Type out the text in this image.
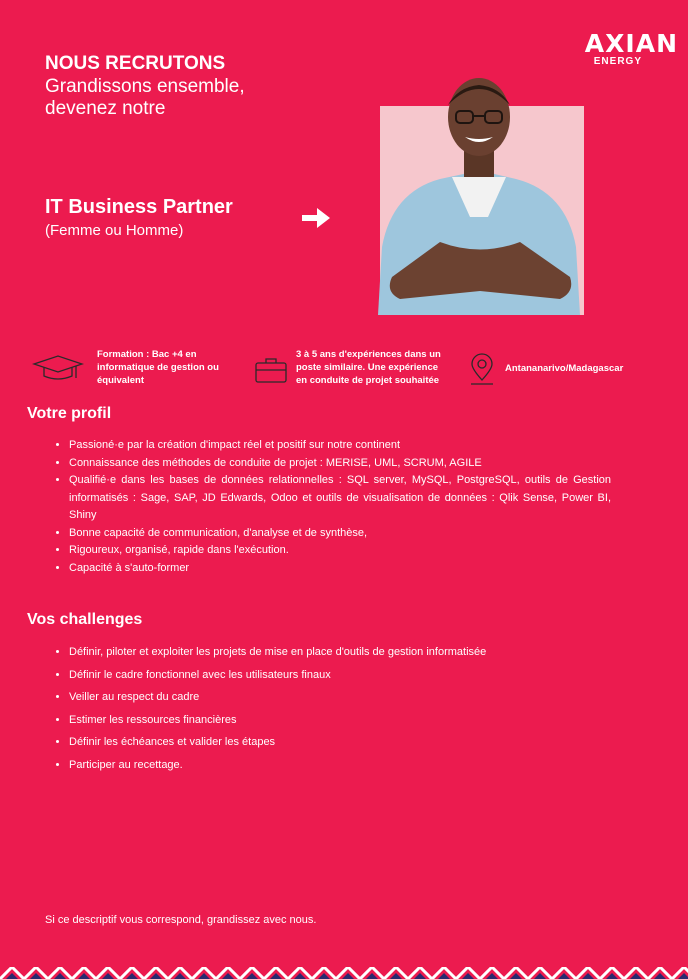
AXIAN
ENERGY
NOUS RECRUTONS
Grandissons ensemble, devenez notre
IT Business Partner
(Femme ou Homme)
Formation : Bac +4 en informatique de gestion ou équivalent
3 à 5 ans d'expériences dans un poste similaire. Une expérience en conduite de projet souhaitée
Antananarivo/Madagascar
Votre profil
• Passioné·e par la création d'impact réel et positif sur notre continent
• Connaissance des méthodes de conduite de projet : MERISE, UML, SCRUM, AGILE
• Qualifié·e dans les bases de données relationnelles : SQL server, MySQL, PostgreSQL, outils de Gestion informatisés : Sage, SAP, JD Edwards, Odoo et outils de visualisation de données : Qlik Sense, Power BI, Shiny
• Bonne capacité de communication, d'analyse et de synthèse,
• Rigoureux, organisé, rapide dans l'exécution.
• Capacité à s'auto-former
Vos challenges
• Définir, piloter et exploiter les projets de mise en place d'outils de gestion informatisée
• Définir le cadre fonctionnel avec les utilisateurs finaux
• Veiller au respect du cadre
• Estimer les ressources financières
• Définir les échéances et valider les étapes
• Participer au recettage.
Si ce descriptif vous correspond, grandissez avec nous.
